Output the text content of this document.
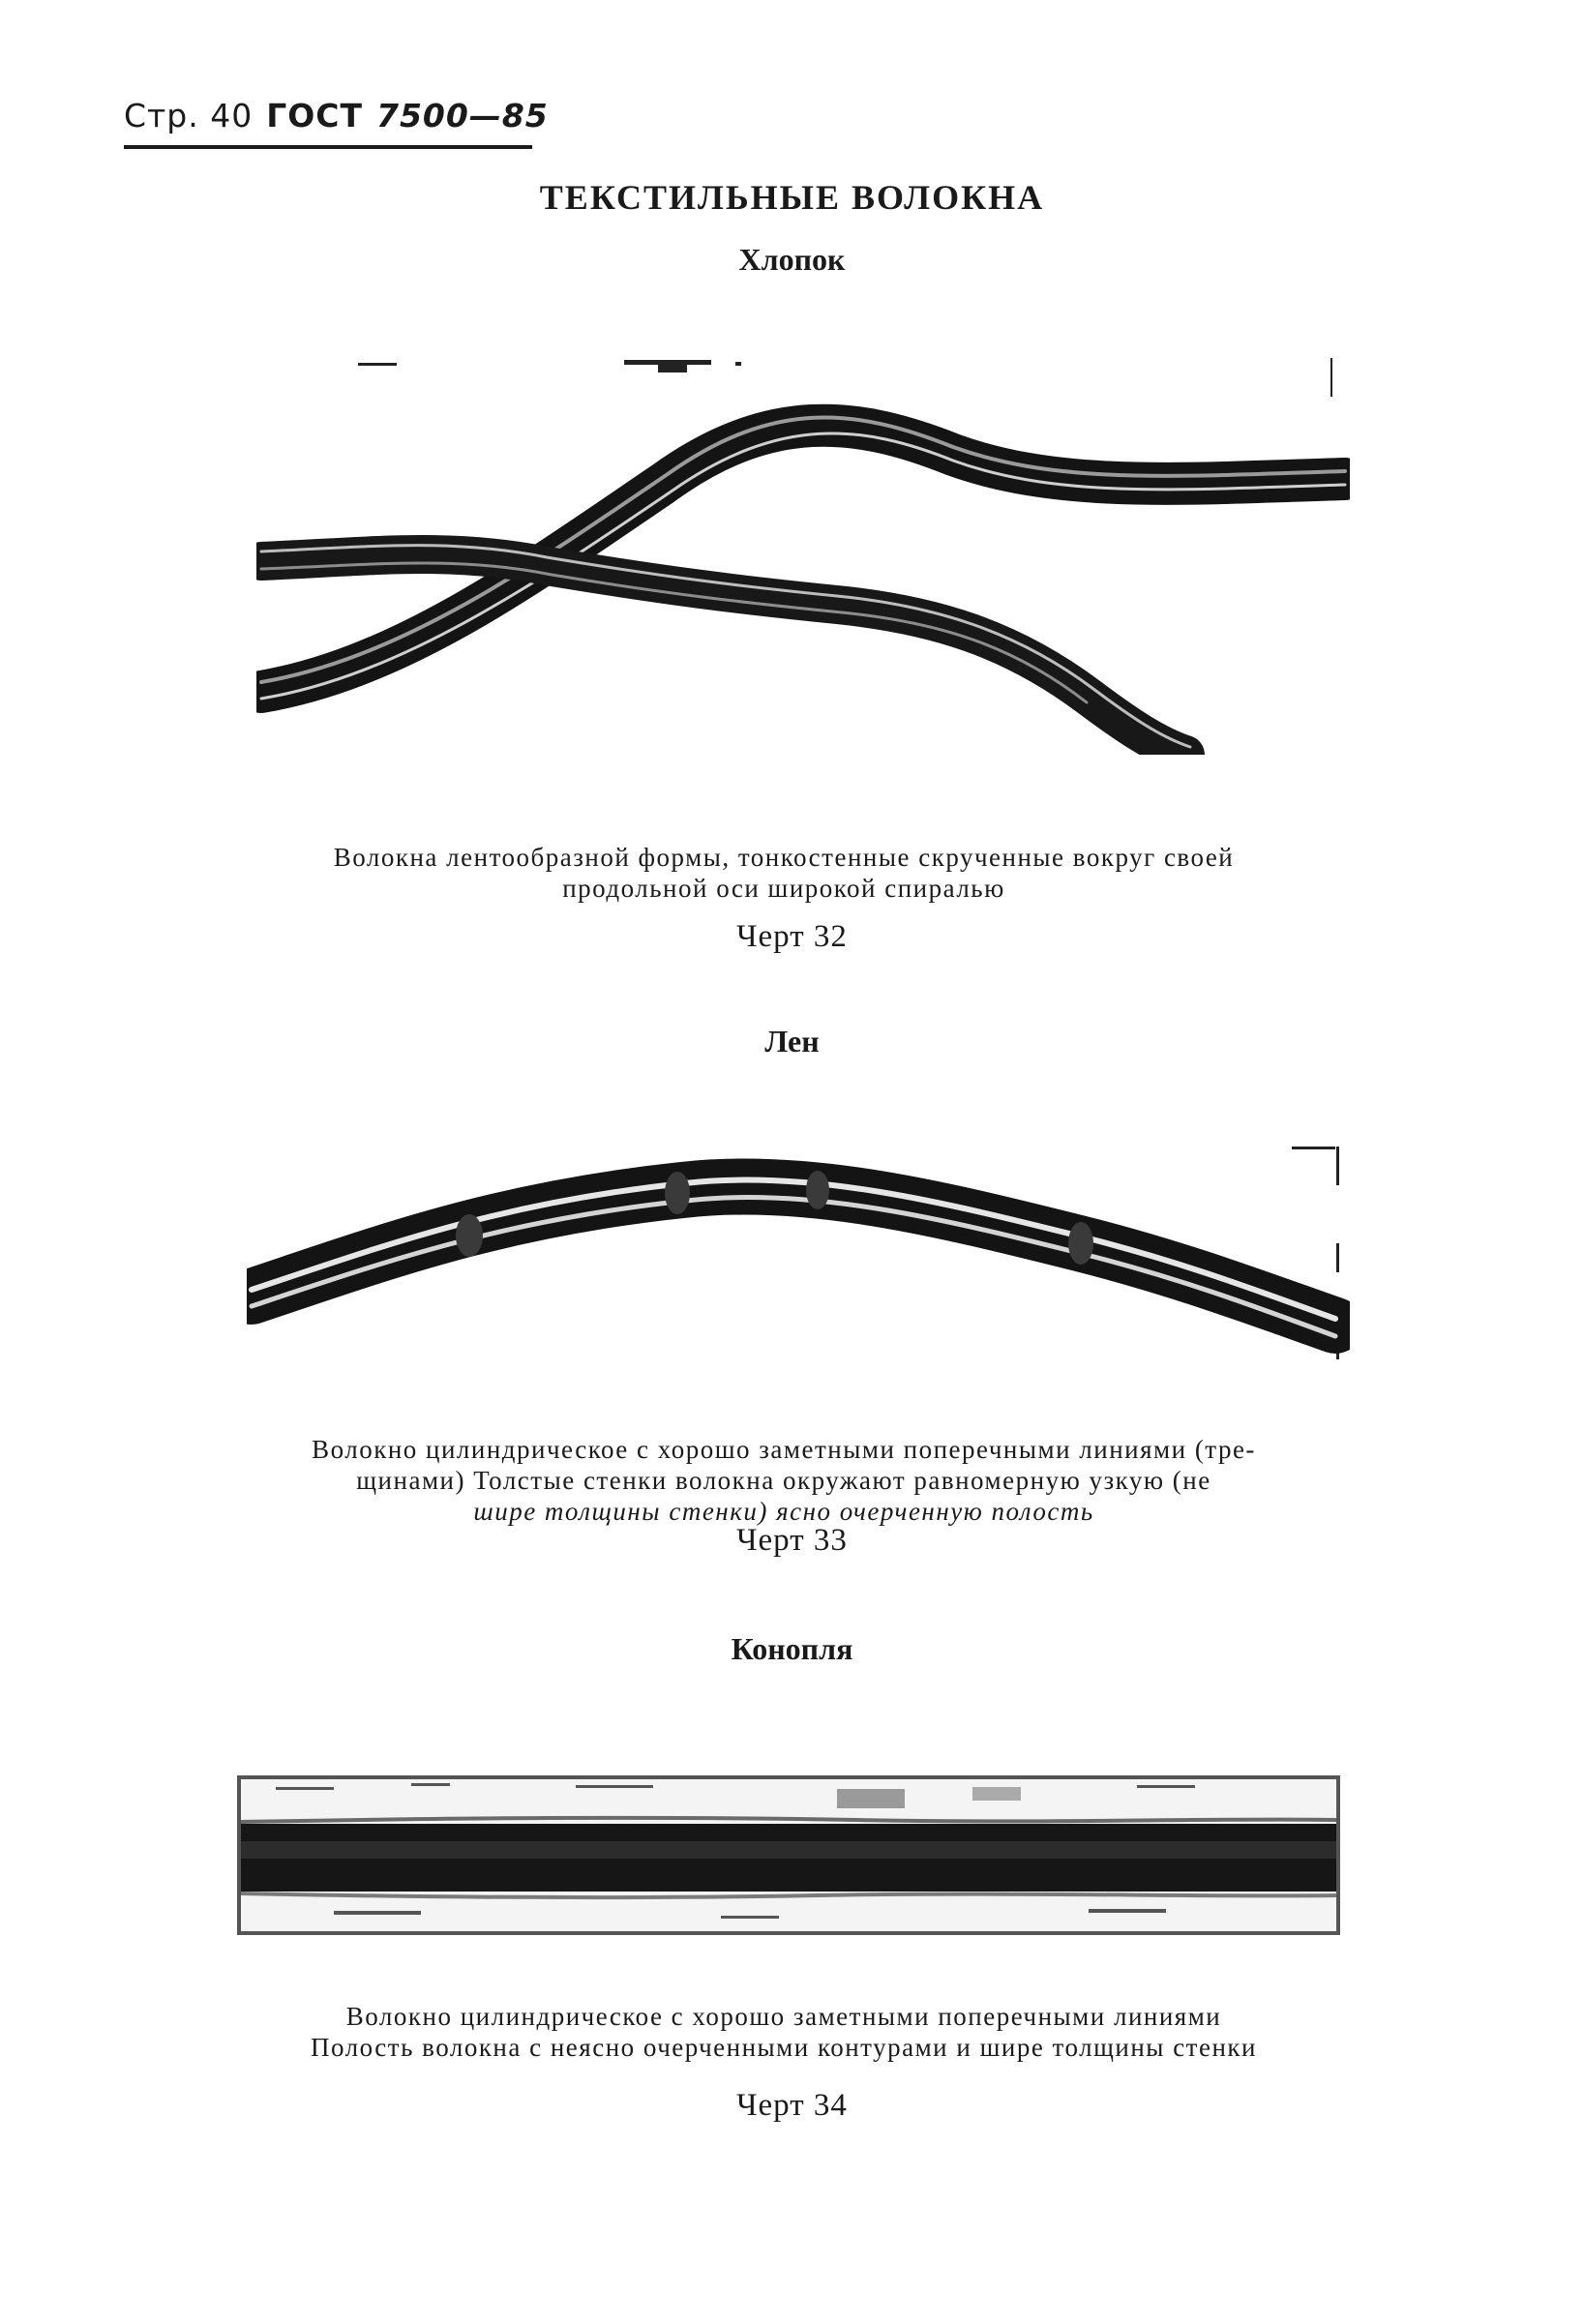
Стр. 40 ГОСТ 7500—85
ТЕКСТИЛЬНЫЕ ВОЛОКНА
Хлопок
Волокна лентообразной формы, тонкостенные скрученные вокруг своей
продольной оси широкой спиралью
Черт 32
Лен
Волокно цилиндрическое с хорошо заметными поперечными линиями (тре-
щинами) Толстые стенки волокна окружают равномерную узкую (не
шире толщины стенки) ясно очерченную полость
Черт 33
Конопля
Волокно цилиндрическое с хорошо заметными поперечными линиями
Полость волокна с неясно очерченными контурами и шире толщины стенки
Черт 34
